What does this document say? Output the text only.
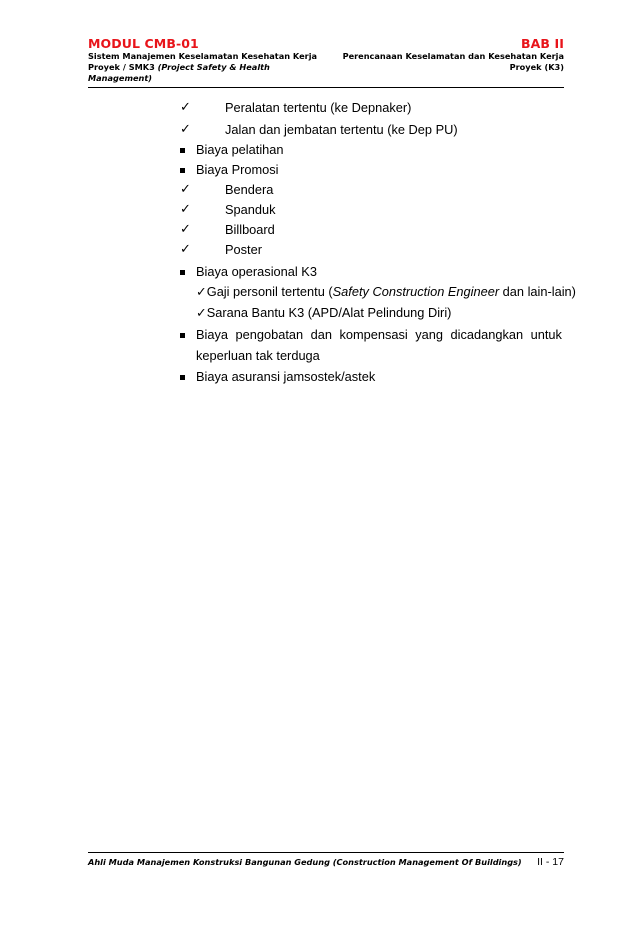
MODUL CMB-01	BAB II
Sistem Manajemen Keselamatan Kesehatan Kerja
Proyek / SMK3 (Project Safety & Health
Management)
Perencanaan Keselamatan dan Kesehatan Kerja
Proyek (K3)
✓	Peralatan tertentu (ke Depnaker)
✓	Jalan dan jembatan tertentu (ke Dep PU)
Biaya pelatihan
Biaya Promosi
✓	Bendera
✓	Spanduk
✓	Billboard
✓	Poster
Biaya operasional K3
✓Gaji personil tertentu (Safety Construction Engineer dan lain-lain)
✓Sarana Bantu K3 (APD/Alat Pelindung Diri)
Biaya pengobatan dan kompensasi yang dicadangkan untuk
keperluan tak terduga
Biaya asuransi jamsostek/astek
Ahli Muda Manajemen Konstruksi Bangunan Gedung (Construction Management Of Buildings) II - 17
